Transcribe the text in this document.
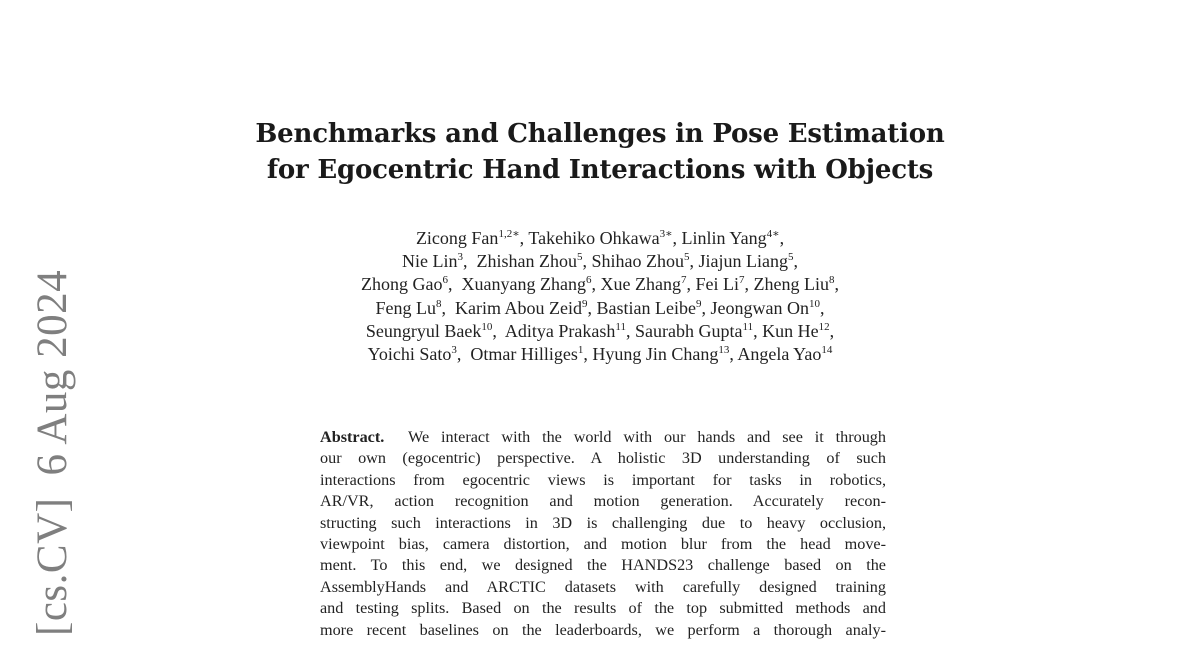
[cs.CV]6 Aug 2024
Benchmarks and Challenges in Pose Estimation
for Egocentric Hand Interactions with Objects
Zicong Fan$^{1,2∗}$, Takehiko Ohkawa$^{3∗}$, Linlin Yang$^{4∗}$,
Nie Lin$^3$,  Zhishan Zhou$^5$, Shihao Zhou$^5$, Jiajun Liang$^5$,
Zhong Gao$^6$,  Xuanyang Zhang$^6$, Xue Zhang$^7$, Fei Li$^7$, Zheng Liu$^8$,
Feng Lu$^8$,  Karim Abou Zeid$^9$, Bastian Leibe$^9$, Jeongwan On$^{10}$,
Seungryul Baek$^{10}$,  Aditya Prakash$^{11}$, Saurabh Gupta$^{11}$, Kun He$^{12}$,
Yoichi Sato$^3$,  Otmar Hilliges$^1$, Hyung Jin Chang$^{13}$, Angela Yao$^{14}$
Abstract. We interact with the world with our hands and see it through
our own (egocentric) perspective. A holistic 3D understanding of such
interactions from egocentric views is important for tasks in robotics,
AR/VR, action recognition and motion generation. Accurately recon-
structing such interactions in 3D is challenging due to heavy occlusion,
viewpoint bias, camera distortion, and motion blur from the head move-
ment. To this end, we designed the HANDS23 challenge based on the
AssemblyHands and ARCTIC datasets with carefully designed training
and testing splits. Based on the results of the top submitted methods and
more recent baselines on the leaderboards, we perform a thorough analy-
